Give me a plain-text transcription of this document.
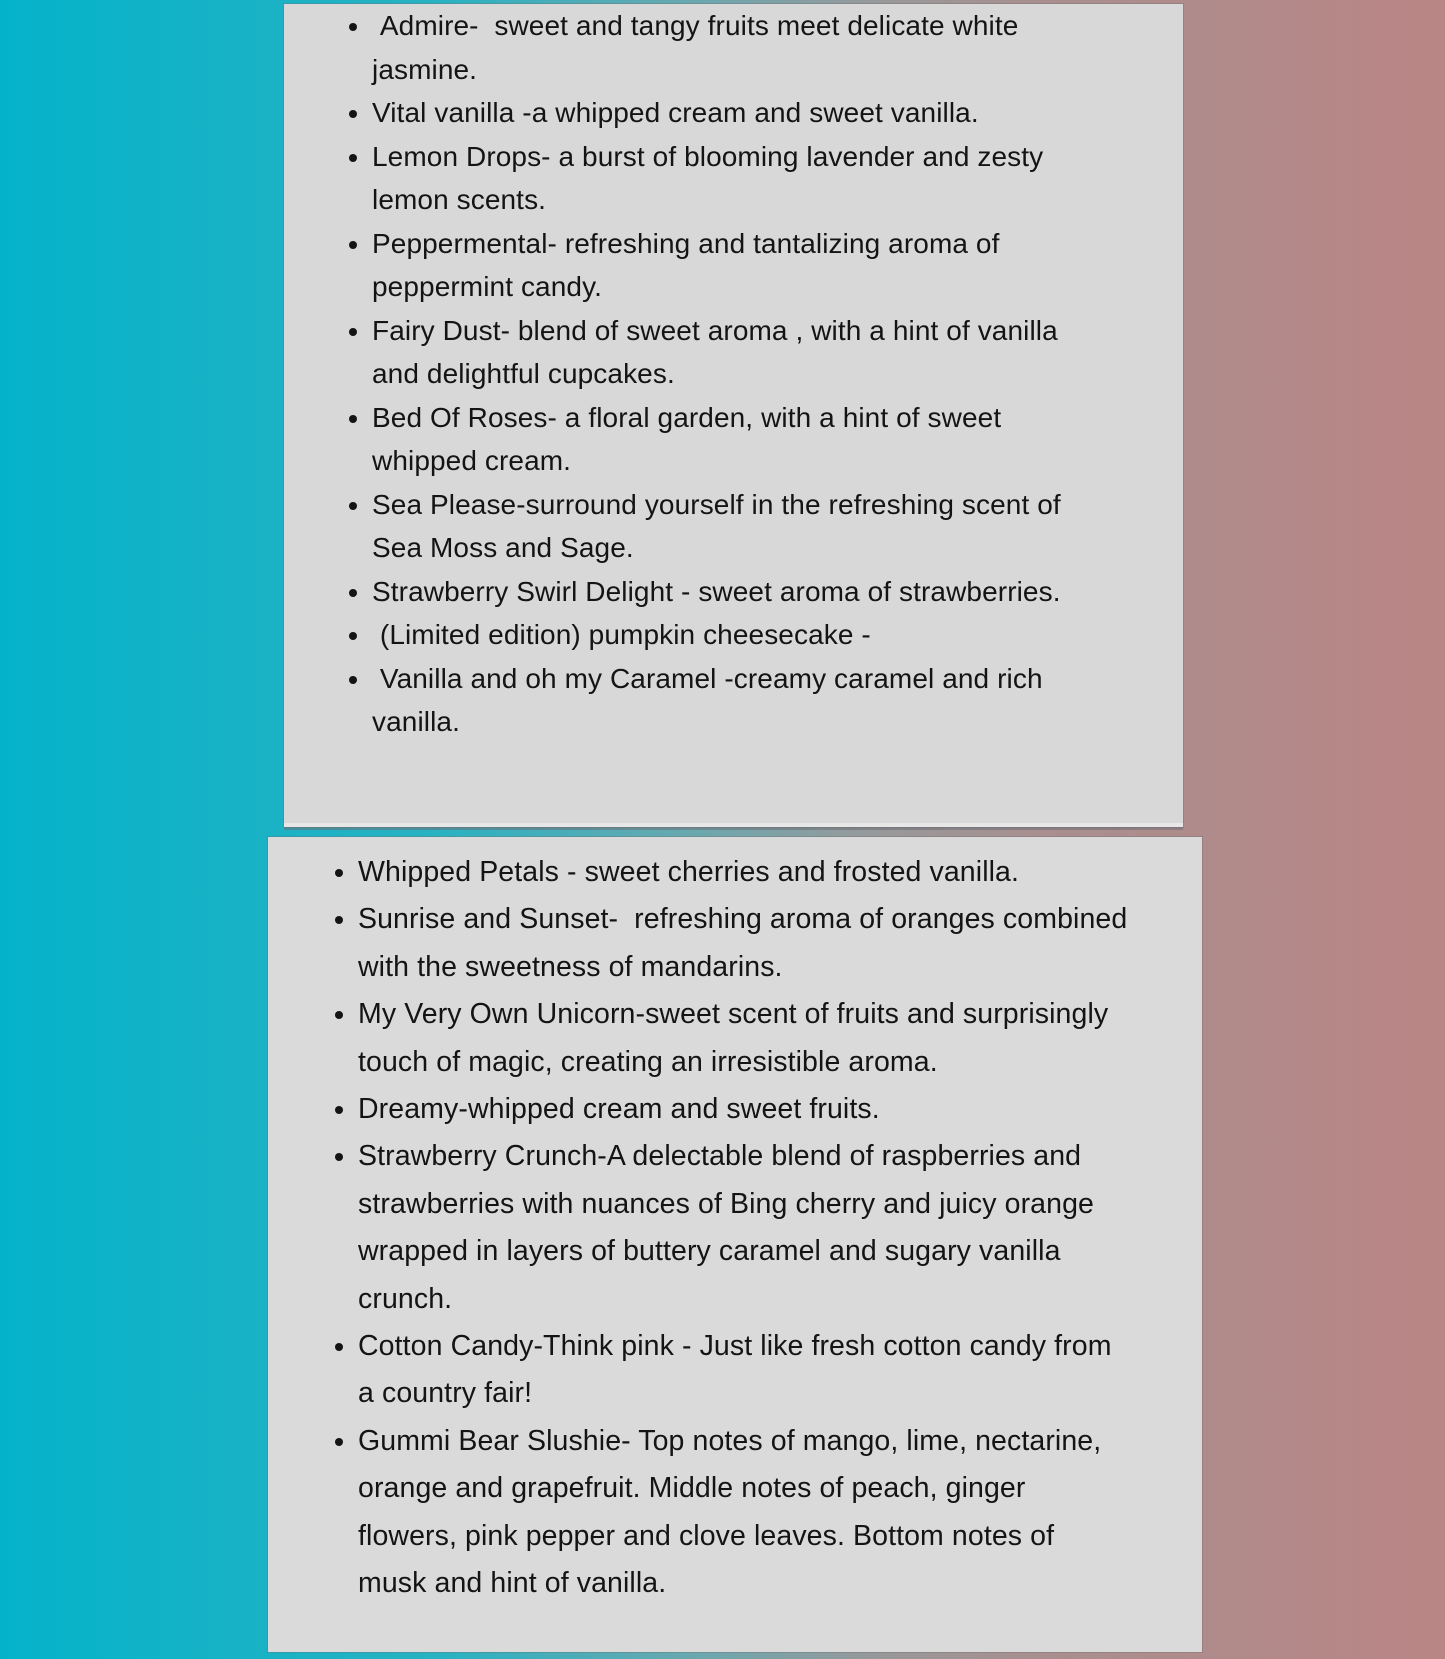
•  Admire-  sweet and tangy fruits meet delicate white jasmine.
• Vital vanilla -a whipped cream and sweet vanilla.
• Lemon Drops- a burst of blooming lavender and zesty lemon scents.
• Peppermental- refreshing and tantalizing aroma of peppermint candy.
• Fairy Dust- blend of sweet aroma , with a hint of vanilla and delightful cupcakes.
• Bed Of Roses- a floral garden, with a hint of sweet whipped cream.
• Sea Please-surround yourself in the refreshing scent of Sea Moss and Sage.
• Strawberry Swirl Delight - sweet aroma of strawberries.
•  (Limited edition) pumpkin cheesecake -
•  Vanilla and oh my Caramel -creamy caramel and rich vanilla.
• Whipped Petals - sweet cherries and frosted vanilla.
• Sunrise and Sunset-  refreshing aroma of oranges combined with the sweetness of mandarins.
• My Very Own Unicorn-sweet scent of fruits and surprisingly touch of magic, creating an irresistible aroma.
• Dreamy-whipped cream and sweet fruits.
• Strawberry Crunch-A delectable blend of raspberries and strawberries with nuances of Bing cherry and juicy orange wrapped in layers of buttery caramel and sugary vanilla crunch.
• Cotton Candy-Think pink - Just like fresh cotton candy from a country fair!
• Gummi Bear Slushie- Top notes of mango, lime, nectarine, orange and grapefruit. Middle notes of peach, ginger flowers, pink pepper and clove leaves. Bottom notes of musk and hint of vanilla.
